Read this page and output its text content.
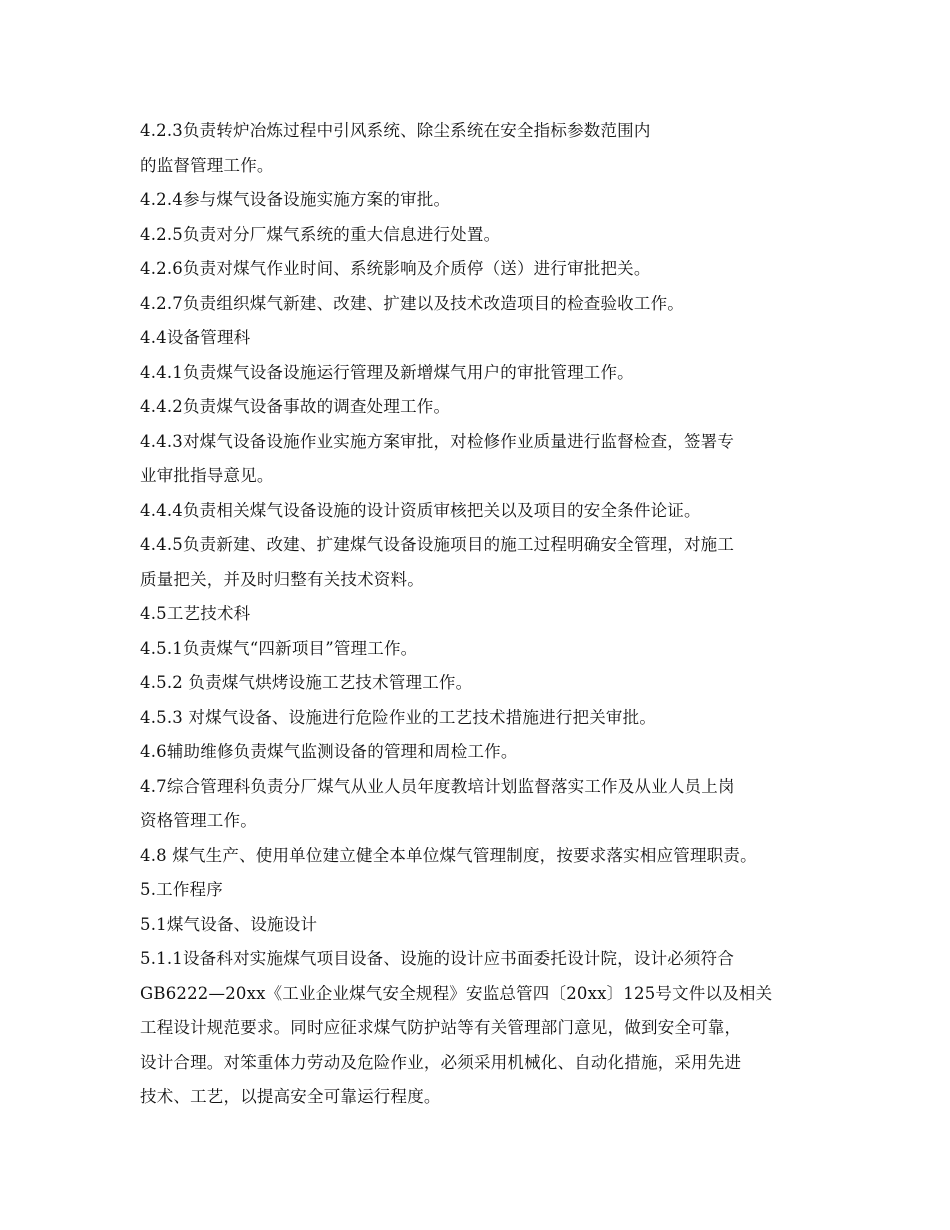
4.2.3负责转炉冶炼过程中引风系统、除尘系统在安全指标参数范围内
的监督管理工作。
4.2.4参与煤气设备设施实施方案的审批。
4.2.5负责对分厂煤气系统的重大信息进行处置。
4.2.6负责对煤气作业时间、系统影响及介质停（送）进行审批把关。
4.2.7负责组织煤气新建、改建、扩建以及技术改造项目的检查验收工作。
4.4设备管理科
4.4.1负责煤气设备设施运行管理及新增煤气用户的审批管理工作。
4.4.2负责煤气设备事故的调查处理工作。
4.4.3对煤气设备设施作业实施方案审批，对检修作业质量进行监督检查，签署专
业审批指导意见。
4.4.4负责相关煤气设备设施的设计资质审核把关以及项目的安全条件论证。
4.4.5负责新建、改建、扩建煤气设备设施项目的施工过程明确安全管理，对施工
质量把关，并及时归整有关技术资料。
4.5工艺技术科
4.5.1负责煤气“四新项目”管理工作。
4.5.2 负责煤气烘烤设施工艺技术管理工作。
4.5.3 对煤气设备、设施进行危险作业的工艺技术措施进行把关审批。
4.6辅助维修负责煤气监测设备的管理和周检工作。
4.7综合管理科负责分厂煤气从业人员年度教培计划监督落实工作及从业人员上岗
资格管理工作。
4.8 煤气生产、使用单位建立健全本单位煤气管理制度，按要求落实相应管理职责。
5.工作程序
5.1煤气设备、设施设计
5.1.1设备科对实施煤气项目设备、设施的设计应书面委托设计院，设计必须符合
GB6222—20xx《工业企业煤气安全规程》安监总管四〔20xx〕125号文件以及相关
工程设计规范要求。同时应征求煤气防护站等有关管理部门意见，做到安全可靠，
设计合理。对笨重体力劳动及危险作业，必须采用机械化、自动化措施，采用先进
技术、工艺，以提高安全可靠运行程度。
